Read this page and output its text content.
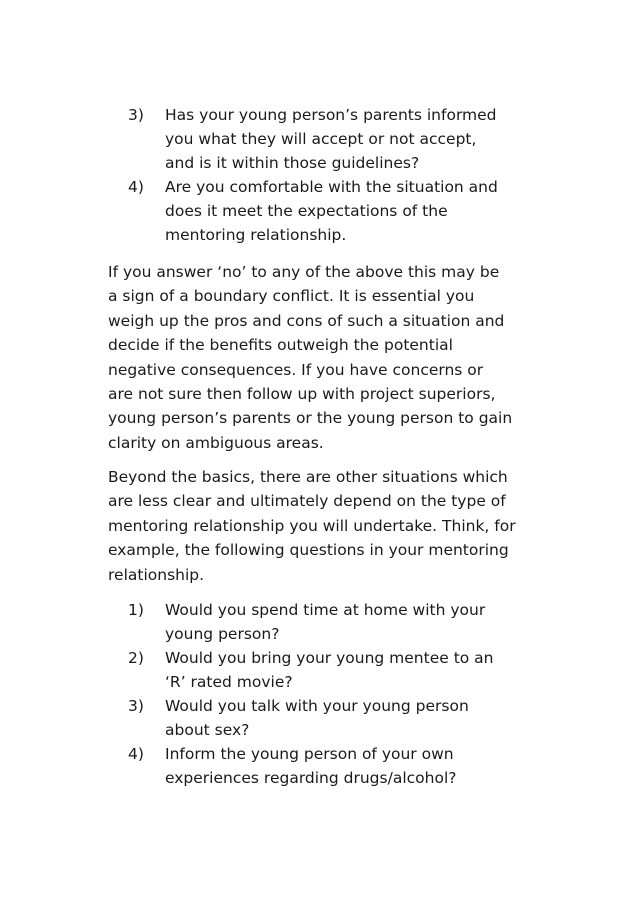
3) Has your young person’s parents informed
you what they will accept or not accept,
and is it within those guidelines?
4) Are you comfortable with the situation and
does it meet the expectations of the
mentoring relationship.

If you answer ‘no’ to any of the above this may be
a sign of a boundary conflict. It is essential you
weigh up the pros and cons of such a situation and
decide if the benefits outweigh the potential
negative consequences. If you have concerns or
are not sure then follow up with project superiors,
young person’s parents or the young person to gain
clarity on ambiguous areas.

Beyond the basics, there are other situations which
are less clear and ultimately depend on the type of
mentoring relationship you will undertake. Think, for
example, the following questions in your mentoring
relationship.

1) Would you spend time at home with your
young person?
2) Would you bring your young mentee to an
‘R’ rated movie?
3) Would you talk with your young person
about sex?
4) Inform the young person of your own
experiences regarding drugs/alcohol?
